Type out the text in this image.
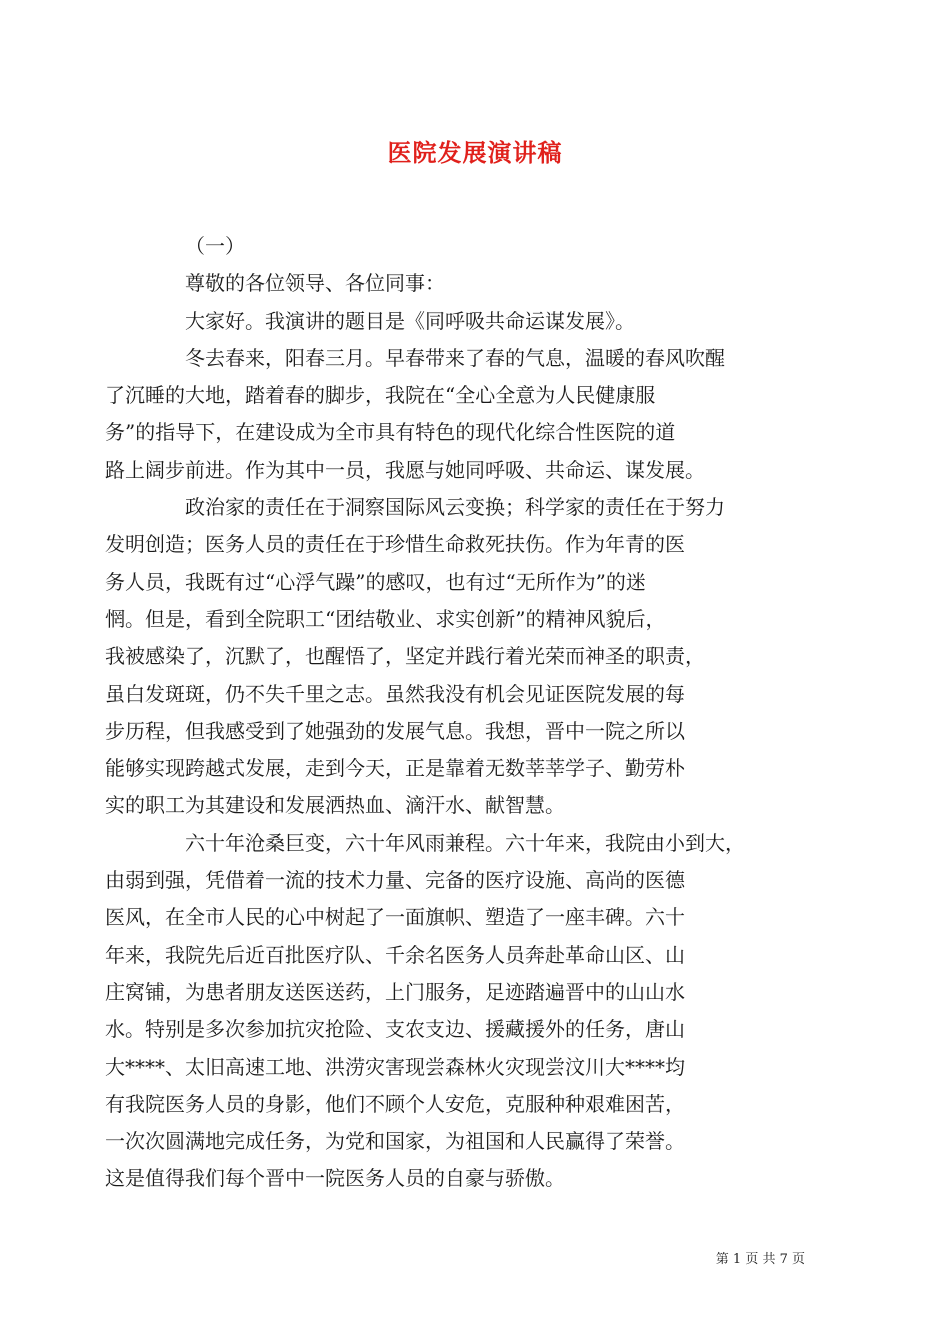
医院发展演讲稿

（一）

尊敬的各位领导、各位同事：

大家好。我演讲的题目是《同呼吸共命运谋发展》。

冬去春来，阳春三月。早春带来了春的气息，温暖的春风吹醒
了沉睡的大地，踏着春的脚步，我院在“全心全意为人民健康服
务”的指导下，在建设成为全市具有特色的现代化综合性医院的道
路上阔步前进。作为其中一员，我愿与她同呼吸、共命运、谋发展。

政治家的责任在于洞察国际风云变换；科学家的责任在于努力
发明创造；医务人员的责任在于珍惜生命救死扶伤。作为年青的医
务人员，我既有过“心浮气躁”的感叹，也有过“无所作为”的迷
惘。但是，看到全院职工“团结敬业、求实创新”的精神风貌后，
我被感染了，沉默了，也醒悟了，坚定并践行着光荣而神圣的职责，
虽白发斑斑，仍不失千里之志。虽然我没有机会见证医院发展的每
步历程，但我感受到了她强劲的发展气息。我想，晋中一院之所以
能够实现跨越式发展，走到今天，正是靠着无数莘莘学子、勤劳朴
实的职工为其建设和发展洒热血、滴汗水、献智慧。

六十年沧桑巨变，六十年风雨兼程。六十年来，我院由小到大，
由弱到强，凭借着一流的技术力量、完备的医疗设施、高尚的医德
医风，在全市人民的心中树起了一面旗帜、塑造了一座丰碑。六十
年来，我院先后近百批医疗队、千余名医务人员奔赴革命山区、山
庄窝铺，为患者朋友送医送药，上门服务，足迹踏遍晋中的山山水
水。特别是多次参加抗灾抢险、支农支边、援藏援外的任务，唐山
大****、太旧高速工地、洪涝灾害现尝森林火灾现尝汶川大****均
有我院医务人员的身影，他们不顾个人安危，克服种种艰难困苦，
一次次圆满地完成任务，为党和国家，为祖国和人民赢得了荣誉。
这是值得我们每个晋中一院医务人员的自豪与骄傲。

第 1 页 共 7 页
